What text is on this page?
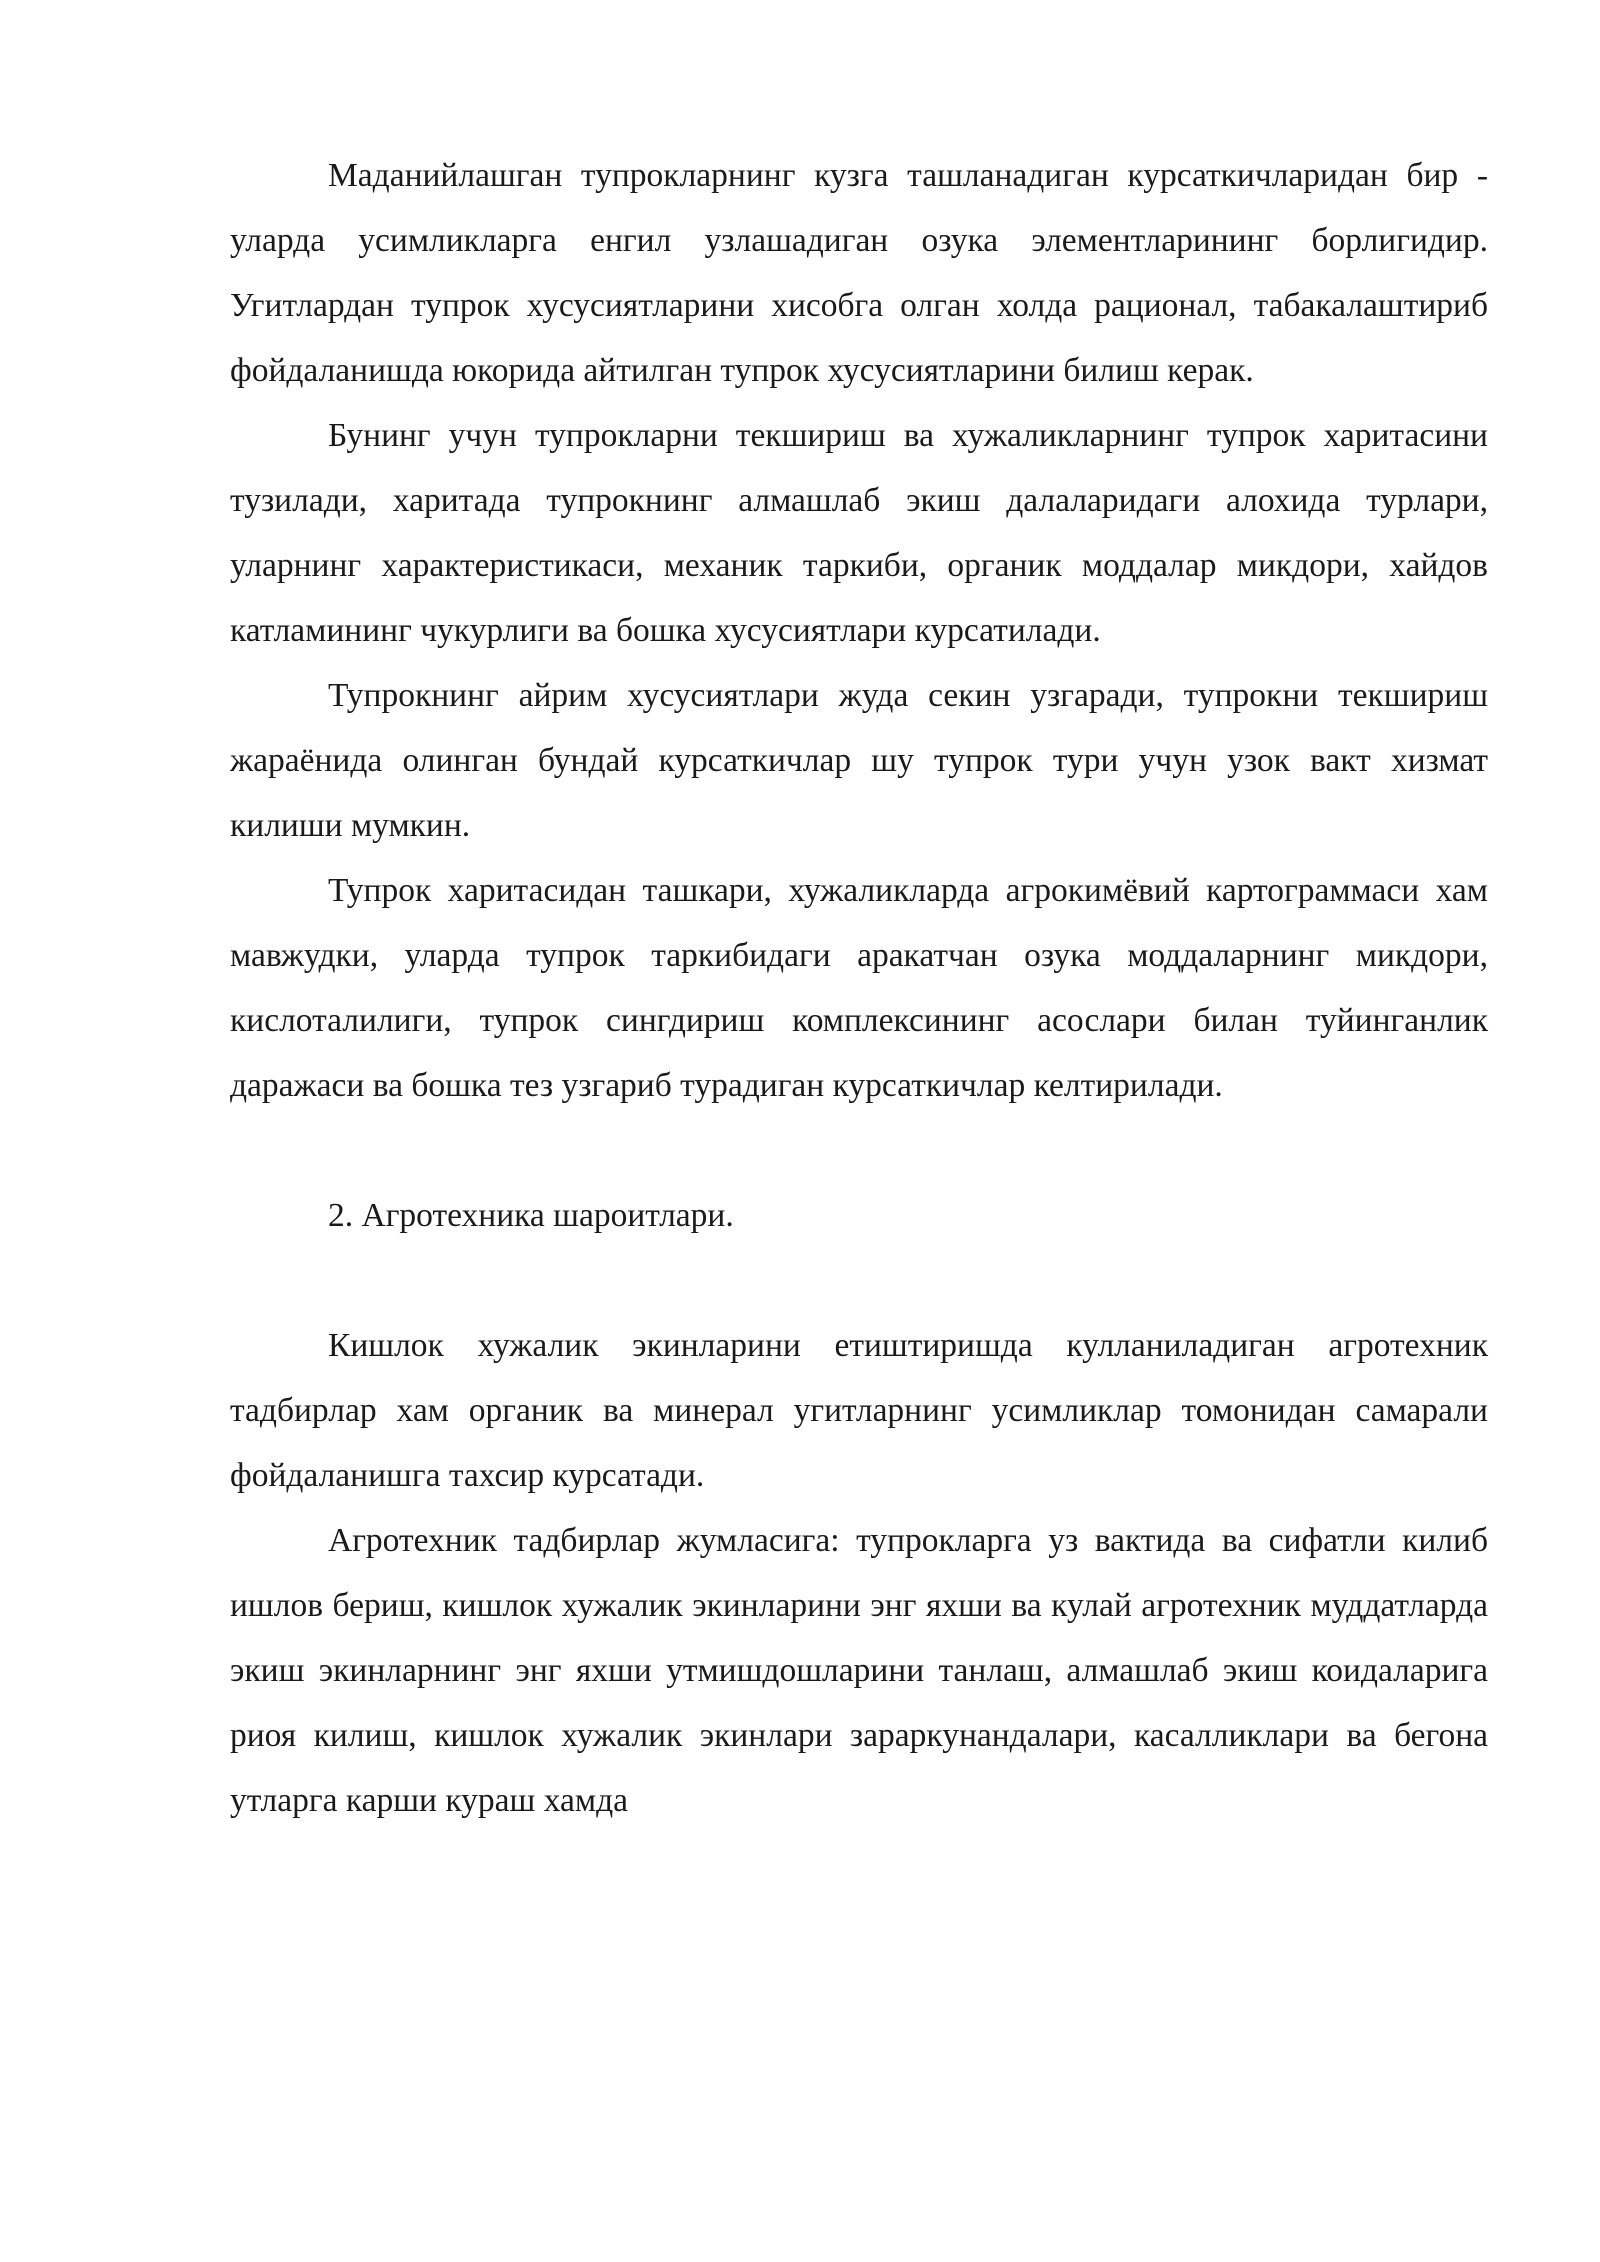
Маданийлашган тупрокларнинг кузга ташланадиган курсаткичларидан бир - уларда усимликларга енгил узлашадиган озука элементларининг борлигидир. Угитлардан тупрок хусусиятларини хисобга олган холда рационал, табакалаштириб фойдаланишда юкорида айтилган тупрок хусусиятларини билиш керак.

Бунинг учун тупрокларни текшириш ва хужаликларнинг тупрок харитасини тузилади, харитада тупрокнинг алмашлаб экиш далаларидаги алохида турлари, уларнинг характеристикаси, механик таркиби, органик моддалар микдори, хайдов катламининг чукурлиги ва бошка хусусиятлари курсатилади.

Тупрокнинг айрим хусусиятлари жуда секин узгаради, тупрокни текшириш жараёнида олинган бундай курсаткичлар шу тупрок тури учун узок вакт хизмат килиши мумкин.

Тупрок харитасидан ташкари, хужаликларда агрокимёвий картограммаси хам мавжудки, уларда тупрок таркибидаги аракатчан озука моддаларнинг микдори, кислоталилиги, тупрок сингдириш комплексининг асослари билан туйинганлик даражаси ва бошка тез узгариб турадиган курсаткичлар келтирилади.

2. Агротехника шароитлари.

Кишлок хужалик экинларини етиштиришда кулланиладиган агротехник тадбирлар хам органик ва минерал угитларнинг усимликлар томонидан самарали фойдаланишга тахсир курсатади.

Агротехник тадбирлар жумласига: тупрокларга уз вактида ва сифатли килиб ишлов бериш, кишлок хужалик экинларини энг яхши ва кулай агротехник муддатларда экиш экинларнинг энг яхши утмишдошларини танлаш, алмашлаб экиш коидаларига риоя килиш, кишлок хужалик экинлари зараркунандалари, касалликлари ва бегона утларга карши кураш хамда
